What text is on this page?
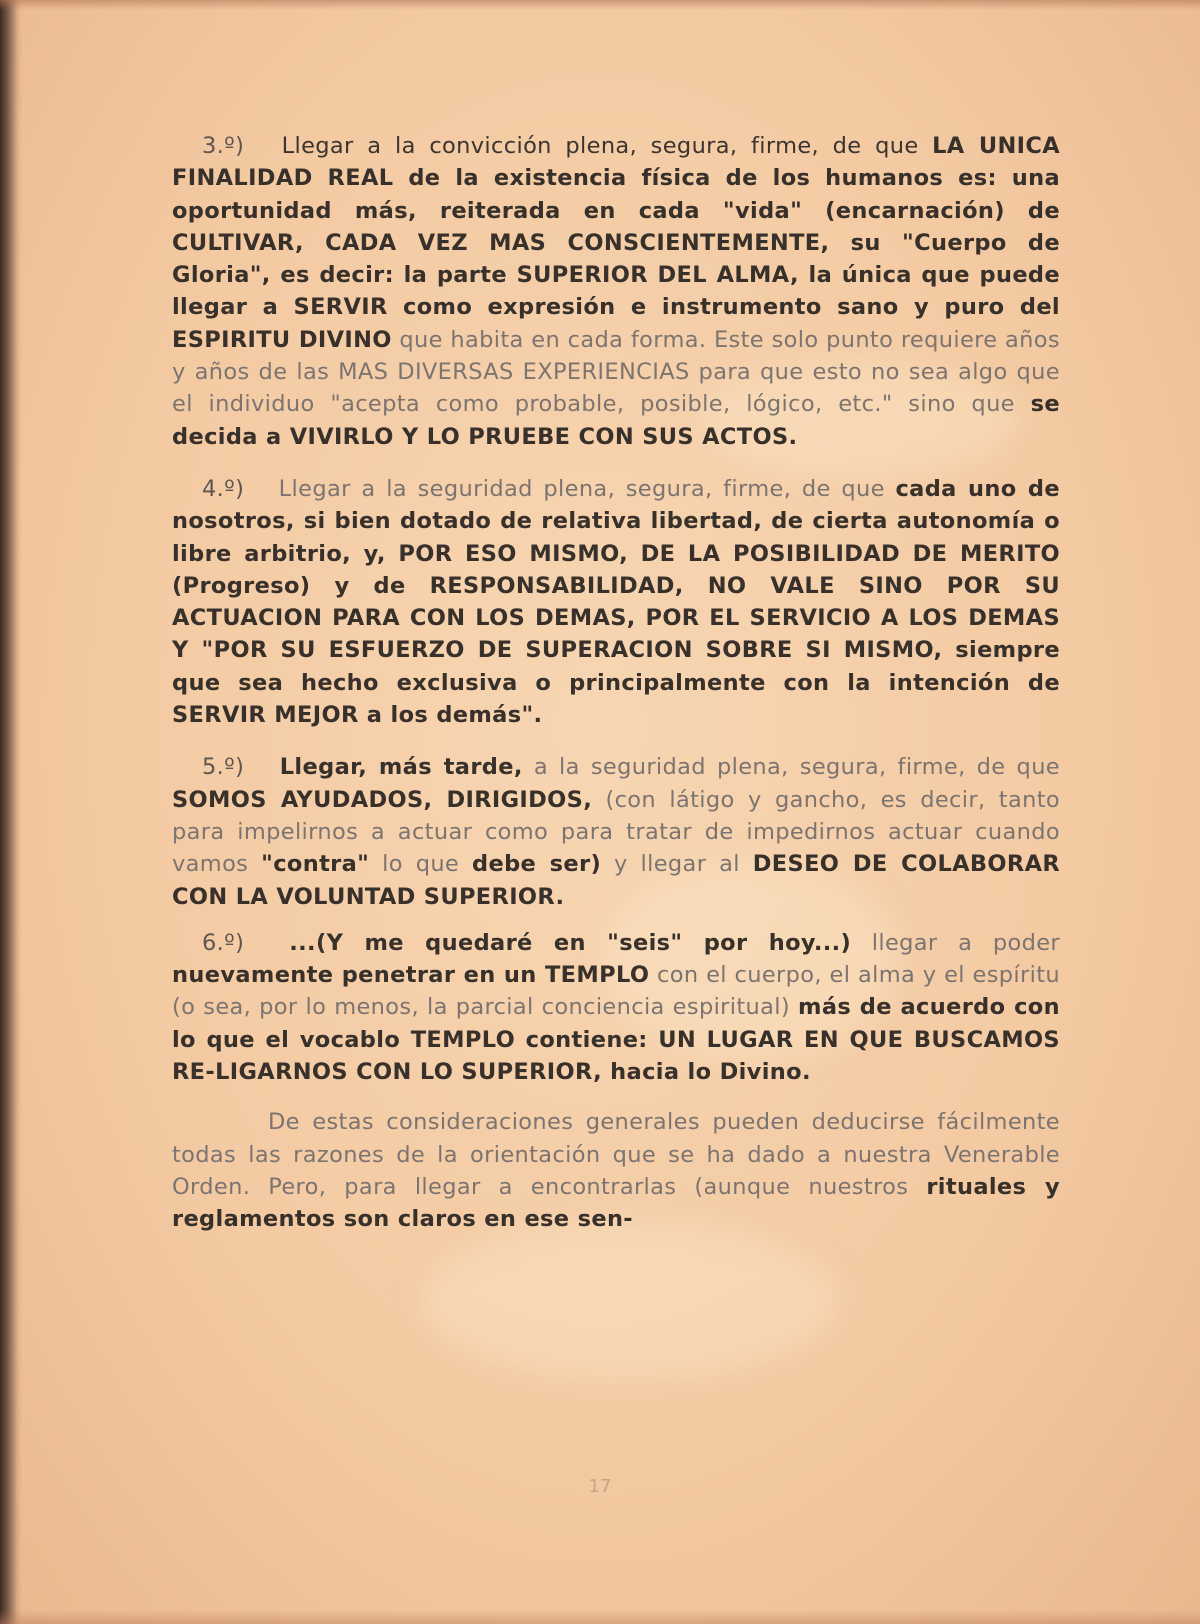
3.º) Llegar a la convicción plena, segura, firme, de que LA UNICA FINALIDAD REAL de la existencia física de los humanos es: una oportunidad más, reiterada en cada "vida" (encarnación) de CULTIVAR, CADA VEZ MAS CONSCIENTEMENTE, su "Cuerpo de Gloria", es decir: la parte SUPERIOR DEL ALMA, la única que puede llegar a SERVIR como expresión e instrumento sano y puro del ESPIRITU DIVINO que habita en cada forma. Este solo punto requiere años y años de las MAS DIVERSAS EXPERIENCIAS para que esto no sea algo que el individuo "acepta como probable, posible, lógico, etc." sino que se decida a VIVIRLO Y LO PRUEBE CON SUS ACTOS.

4.º) Llegar a la seguridad plena, segura, firme, de que cada uno de nosotros, si bien dotado de relativa libertad, de cierta autonomía o libre arbitrio, y, POR ESO MISMO, DE LA POSIBILIDAD DE MERITO (Progreso) y de RESPONSABILIDAD, NO VALE SINO POR SU ACTUACION PARA CON LOS DEMAS, POR EL SERVICIO A LOS DEMAS Y "POR SU ESFUERZO DE SUPERACION SOBRE SI MISMO, siempre que sea hecho exclusiva o principalmente con la intención de SERVIR MEJOR a los demás".

5.º) Llegar, más tarde, a la seguridad plena, segura, firme, de que SOMOS AYUDADOS, DIRIGIDOS, (con látigo y gancho, es decir, tanto para impelirnos a actuar como para tratar de impedirnos actuar cuando vamos "contra" lo que debe ser) y llegar al DESEO DE COLABORAR CON LA VOLUNTAD SUPERIOR.

6.º) ...(Y me quedaré en "seis" por hoy...) llegar a poder nuevamente penetrar en un TEMPLO con el cuerpo, el alma y el espíritu (o sea, por lo menos, la parcial conciencia espiritual) más de acuerdo con lo que el vocablo TEMPLO contiene: UN LUGAR EN QUE BUSCAMOS RE-LIGARNOS CON LO SUPERIOR, hacia lo Divino.

De estas consideraciones generales pueden deducirse fácilmente todas las razones de la orientación que se ha dado a nuestra Venerable Orden. Pero, para llegar a encontrarlas (aunque nuestros rituales y reglamentos son claros en ese sen-

17
